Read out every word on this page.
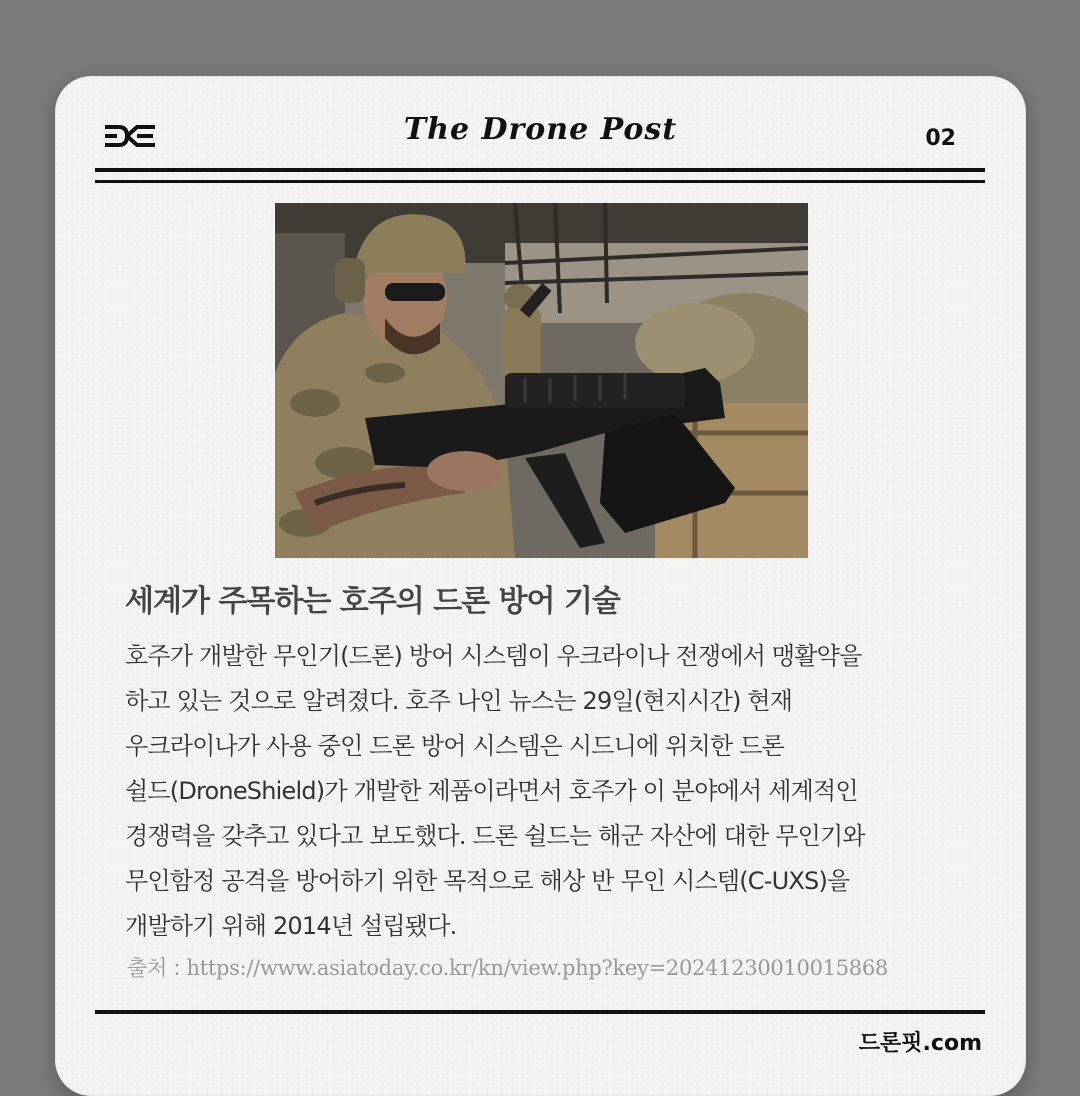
The Drone Post	02
세계가 주목하는 호주의 드론 방어 기술

호주가 개발한 무인기(드론) 방어 시스템이 우크라이나 전쟁에서 맹활약을

하고 있는 것으로 알려졌다. 호주 나인 뉴스는 29일(현지시간) 현재

우크라이나가 사용 중인 드론 방어 시스템은 시드니에 위치한 드론

쉴드(DroneShield)가 개발한 제품이라면서 호주가 이 분야에서 세계적인

경쟁력을 갖추고 있다고 보도했다. 드론 쉴드는 해군 자산에 대한 무인기와

무인함정 공격을 방어하기 위한 목적으로 해상 반 무인 시스템(C-UXS)을

개발하기 위해 2014년 설립됐다.

출처 : https://www.asiatoday.co.kr/kn/view.php?key=20241230010015868
드론핏.com
